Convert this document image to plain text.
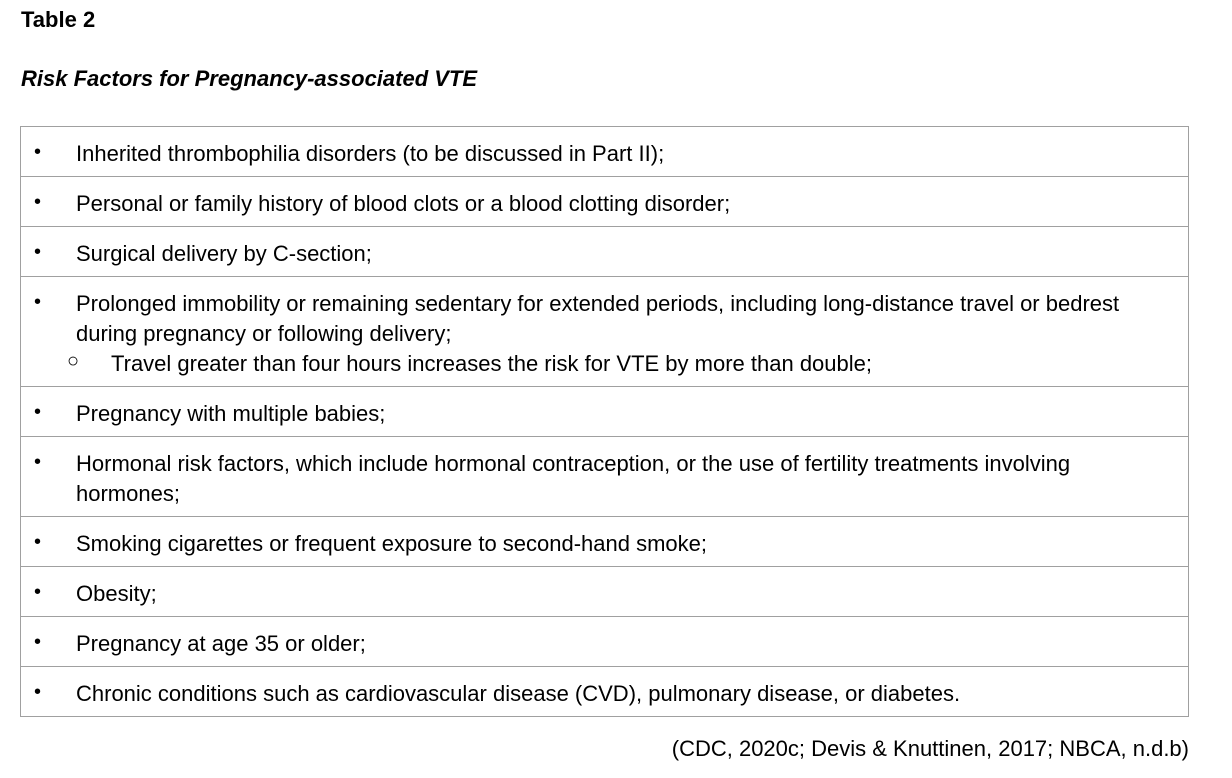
Table 2
Risk Factors for Pregnancy-associated VTE
• Inherited thrombophilia disorders (to be discussed in Part II);

• Personal or family history of blood clots or a blood clotting disorder;

• Surgical delivery by C-section;

• Prolonged immobility or remaining sedentary for extended periods, including long-distance travel or bedrest during pregnancy or following delivery;
○ Travel greater than four hours increases the risk for VTE by more than double;

• Pregnancy with multiple babies;

• Hormonal risk factors, which include hormonal contraception, or the use of fertility treatments involving hormones;

• Smoking cigarettes or frequent exposure to second-hand smoke;

• Obesity;

• Pregnancy at age 35 or older;

• Chronic conditions such as cardiovascular disease (CVD), pulmonary disease, or diabetes.

(CDC, 2020c; Devis & Knuttinen, 2017; NBCA, n.d.b)
